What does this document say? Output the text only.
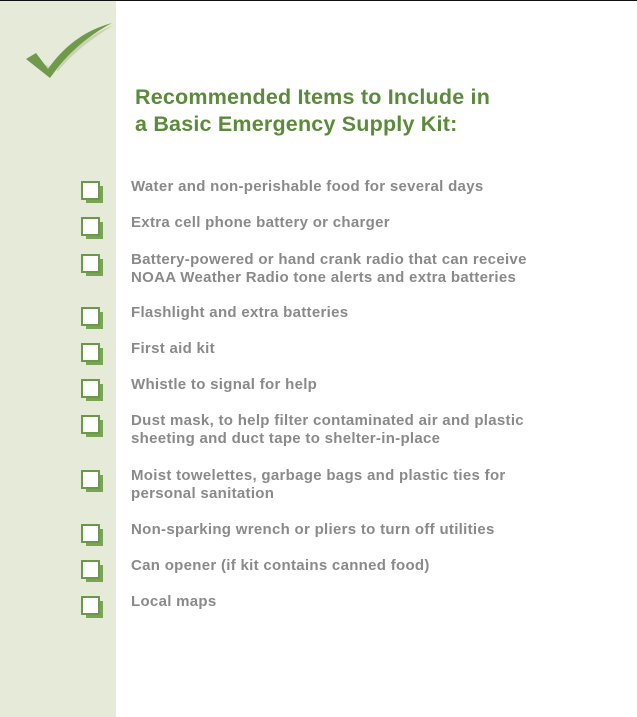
Recommended Items to Include in
a Basic Emergency Supply Kit:
Water and non-perishable food for several days
Extra cell phone battery or charger
Battery-powered or hand crank radio that can receive
NOAA Weather Radio tone alerts and extra batteries
Flashlight and extra batteries
First aid kit
Whistle to signal for help
Dust mask, to help filter contaminated air and plastic
sheeting and duct tape to shelter-in-place
Moist towelettes, garbage bags and plastic ties for
personal sanitation
Non-sparking wrench or pliers to turn off utilities
Can opener (if kit contains canned food)
Local maps
